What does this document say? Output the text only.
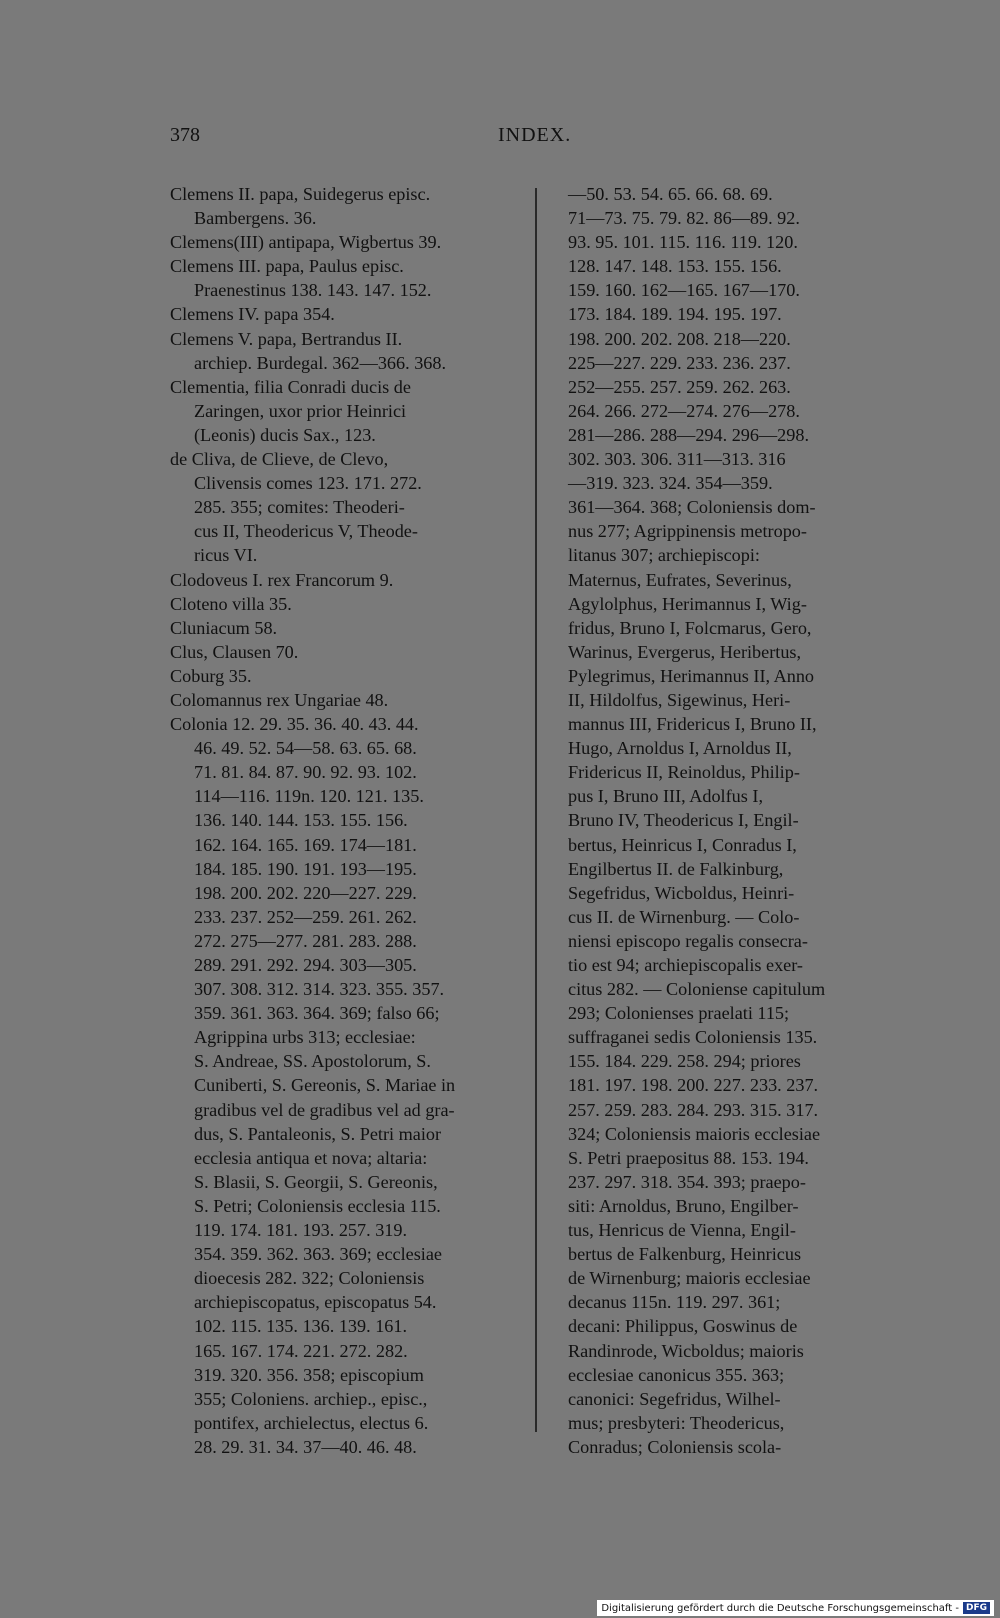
378	INDEX.
Clemens II. papa, Suidegerus episc.
Bambergens. 36.
Clemens(III) antipapa, Wigbertus 39.
Clemens III. papa, Paulus episc.
Praenestinus 138. 143. 147. 152.
Clemens IV. papa 354.
Clemens V. papa, Bertrandus II.
archiep. Burdegal. 362—366. 368.
Clementia, filia Conradi ducis de
Zaringen, uxor prior Heinrici
(Leonis) ducis Sax., 123.
de Cliva, de Clieve, de Clevo,
Clivensis comes 123. 171. 272.
285. 355; comites: Theoderi-
cus II, Theodericus V, Theode-
ricus VI.
Clodoveus I. rex Francorum 9.
Cloteno villa 35.
Cluniacum 58.
Clus, Clausen 70.
Coburg 35.
Colomannus rex Ungariae 48.
Colonia 12. 29. 35. 36. 40. 43. 44.
46. 49. 52. 54—58. 63. 65. 68.
71. 81. 84. 87. 90. 92. 93. 102.
114—116. 119n. 120. 121. 135.
136. 140. 144. 153. 155. 156.
162. 164. 165. 169. 174—181.
184. 185. 190. 191. 193—195.
198. 200. 202. 220—227. 229.
233. 237. 252—259. 261. 262.
272. 275—277. 281. 283. 288.
289. 291. 292. 294. 303—305.
307. 308. 312. 314. 323. 355. 357.
359. 361. 363. 364. 369; falso 66;
Agrippina urbs 313; ecclesiae:
S. Andreae, SS. Apostolorum, S.
Cuniberti, S. Gereonis, S. Mariae in
gradibus vel de gradibus vel ad gra-
dus, S. Pantaleonis, S. Petri maior
ecclesia antiqua et nova; altaria:
S. Blasii, S. Georgii, S. Gereonis,
S. Petri; Coloniensis ecclesia 115.
119. 174. 181. 193. 257. 319.
354. 359. 362. 363. 369; ecclesiae
dioecesis 282. 322; Coloniensis
archiepiscopatus, episcopatus 54.
102. 115. 135. 136. 139. 161.
165. 167. 174. 221. 272. 282.
319. 320. 356. 358; episcopium
355; Coloniens. archiep., episc.,
pontifex, archielectus, electus 6.
28. 29. 31. 34. 37—40. 46. 48.
—50. 53. 54. 65. 66. 68. 69.
71—73. 75. 79. 82. 86—89. 92.
93. 95. 101. 115. 116. 119. 120.
128. 147. 148. 153. 155. 156.
159. 160. 162—165. 167—170.
173. 184. 189. 194. 195. 197.
198. 200. 202. 208. 218—220.
225—227. 229. 233. 236. 237.
252—255. 257. 259. 262. 263.
264. 266. 272—274. 276—278.
281—286. 288—294. 296—298.
302. 303. 306. 311—313. 316
—319. 323. 324. 354—359.
361—364. 368; Coloniensis dom-
nus 277; Agrippinensis metropo-
litanus 307; archiepiscopi:
Maternus, Eufrates, Severinus,
Agylolphus, Herimannus I, Wig-
fridus, Bruno I, Folcmarus, Gero,
Warinus, Evergerus, Heribertus,
Pylegrimus, Herimannus II, Anno
II, Hildolfus, Sigewinus, Heri-
mannus III, Fridericus I, Bruno II,
Hugo, Arnoldus I, Arnoldus II,
Fridericus II, Reinoldus, Philip-
pus I, Bruno III, Adolfus I,
Bruno IV, Theodericus I, Engil-
bertus, Heinricus I, Conradus I,
Engilbertus II. de Falkinburg,
Segefridus, Wicboldus, Heinri-
cus II. de Wirnenburg. — Colo-
niensi episcopo regalis consecra-
tio est 94; archiepiscopalis exer-
citus 282. — Coloniense capitulum
293; Colonienses praelati 115;
suffraganei sedis Coloniensis 135.
155. 184. 229. 258. 294; priores
181. 197. 198. 200. 227. 233. 237.
257. 259. 283. 284. 293. 315. 317.
324; Coloniensis maioris ecclesiae
S. Petri praepositus 88. 153. 194.
237. 297. 318. 354. 393; praepo-
siti: Arnoldus, Bruno, Engilber-
tus, Henricus de Vienna, Engil-
bertus de Falkenburg, Heinricus
de Wirnenburg; maioris ecclesiae
decanus 115n. 119. 297. 361;
decani: Philippus, Goswinus de
Randinrode, Wicboldus; maioris
ecclesiae canonicus 355. 363;
canonici: Segefridus, Wilhel-
mus; presbyteri: Theodericus,
Conradus; Coloniensis scola-
Digitalisierung gefördert durch die Deutsche Forschungsgemeinschaft - DFG
